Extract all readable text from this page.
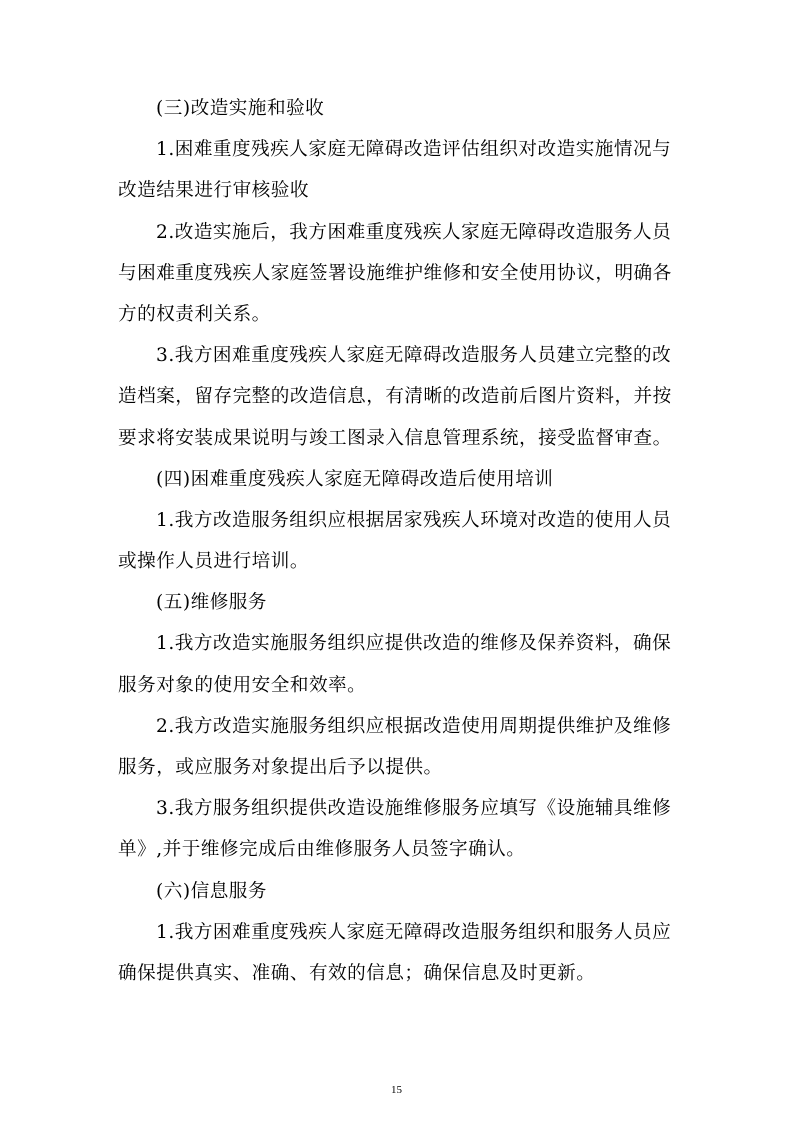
(三)改造实施和验收
1.困难重度残疾人家庭无障碍改造评估组织对改造实施情况与
改造结果进行审核验收
2.改造实施后，我方困难重度残疾人家庭无障碍改造服务人员
与困难重度残疾人家庭签署设施维护维修和安全使用协议，明确各
方的权责利关系。
3.我方困难重度残疾人家庭无障碍改造服务人员建立完整的改
造档案，留存完整的改造信息，有清晰的改造前后图片资料，并按
要求将安装成果说明与竣工图录入信息管理系统，接受监督审查。
(四)困难重度残疾人家庭无障碍改造后使用培训
1.我方改造服务组织应根据居家残疾人环境对改造的使用人员
或操作人员进行培训。
(五)维修服务
1.我方改造实施服务组织应提供改造的维修及保养资料，确保
服务对象的使用安全和效率。
2.我方改造实施服务组织应根据改造使用周期提供维护及维修
服务，或应服务对象提出后予以提供。
3.我方服务组织提供改造设施维修服务应填写《设施辅具维修
单》,并于维修完成后由维修服务人员签字确认。
(六)信息服务
1.我方困难重度残疾人家庭无障碍改造服务组织和服务人员应
确保提供真实、准确、有效的信息；确保信息及时更新。
15
